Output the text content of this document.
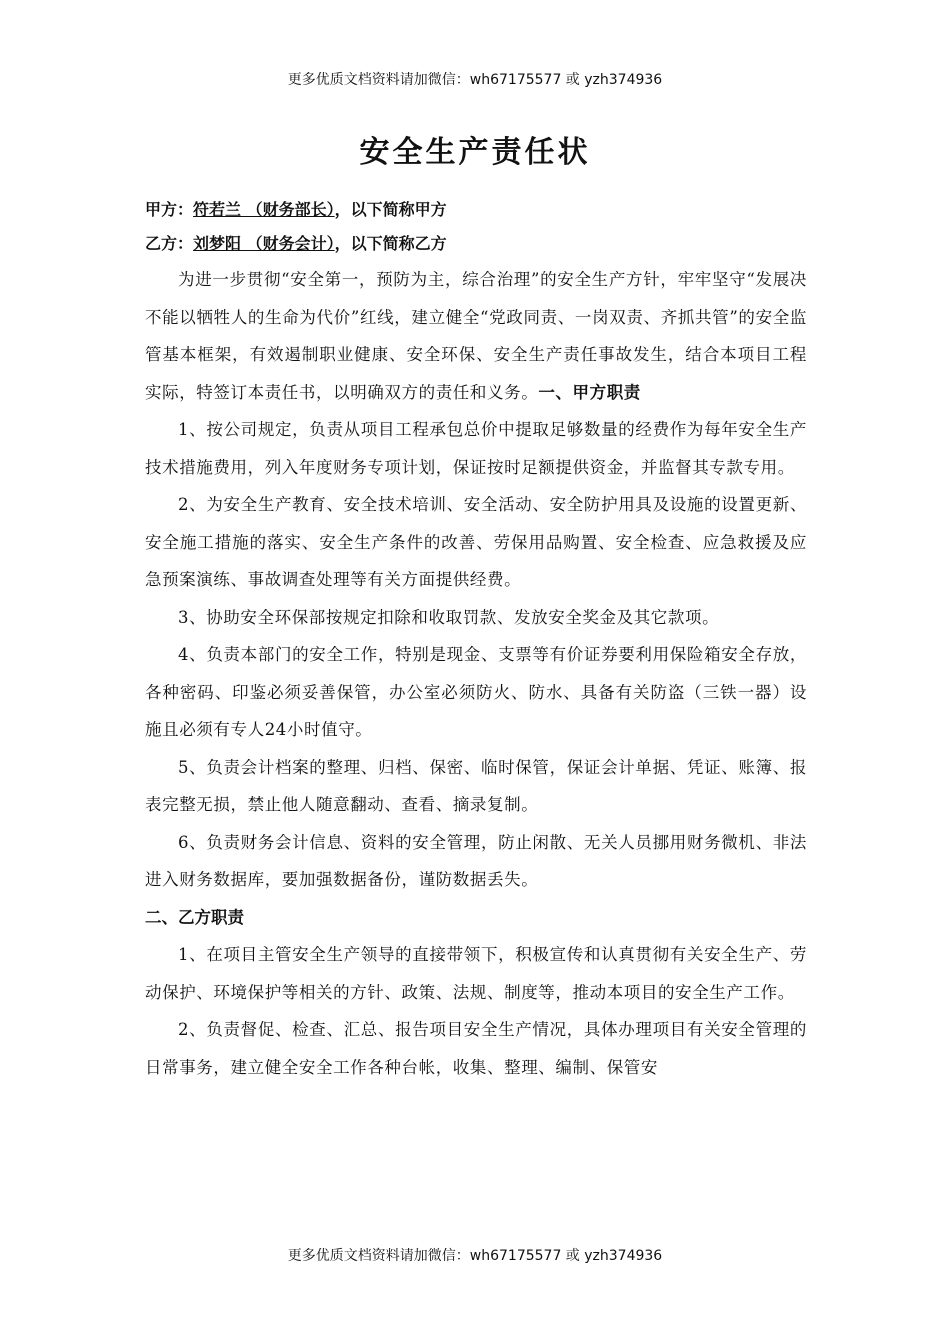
更多优质文档资料请加微信：wh67175577 或 yzh374936
安全生产责任状
甲方：符若兰 （财务部长），以下简称甲方
乙方：刘梦阳 （财务会计），以下简称乙方

为进一步贯彻“安全第一，预防为主，综合治理”的安全生产方针，牢牢坚守“发展决不能以牺牲人的生命为代价”红线，建立健全“党政同责、一岗双责、齐抓共管”的安全监管基本框架，有效遏制职业健康、安全环保、安全生产责任事故发生，结合本项目工程实际，特签订本责任书，以明确双方的责任和义务。一、甲方职责

1、按公司规定，负责从项目工程承包总价中提取足够数量的经费作为每年安全生产技术措施费用，列入年度财务专项计划，保证按时足额提供资金，并监督其专款专用。

2、为安全生产教育、安全技术培训、安全活动、安全防护用具及设施的设置更新、安全施工措施的落实、安全生产条件的改善、劳保用品购置、安全检查、应急救援及应急预案演练、事故调查处理等有关方面提供经费。

3、协助安全环保部按规定扣除和收取罚款、发放安全奖金及其它款项。

4、负责本部门的安全工作，特别是现金、支票等有价证券要利用保险箱安全存放，各种密码、印鉴必须妥善保管，办公室必须防火、防水、具备有关防盗（三铁一器）设施且必须有专人24小时值守。

5、负责会计档案的整理、归档、保密、临时保管，保证会计单据、凭证、账簿、报表完整无损，禁止他人随意翻动、查看、摘录复制。

6、负责财务会计信息、资料的安全管理，防止闲散、无关人员挪用财务微机、非法进入财务数据库，要加强数据备份，谨防数据丢失。

二、乙方职责

1、在项目主管安全生产领导的直接带领下，积极宣传和认真贯彻有关安全生产、劳动保护、环境保护等相关的方针、政策、法规、制度等，推动本项目的安全生产工作。

2、负责督促、检查、汇总、报告项目安全生产情况，具体办理项目有关安全管理的日常事务，建立健全安全工作各种台帐，收集、整理、编制、保管安

更多优质文档资料请加微信：wh67175577 或 yzh374936
